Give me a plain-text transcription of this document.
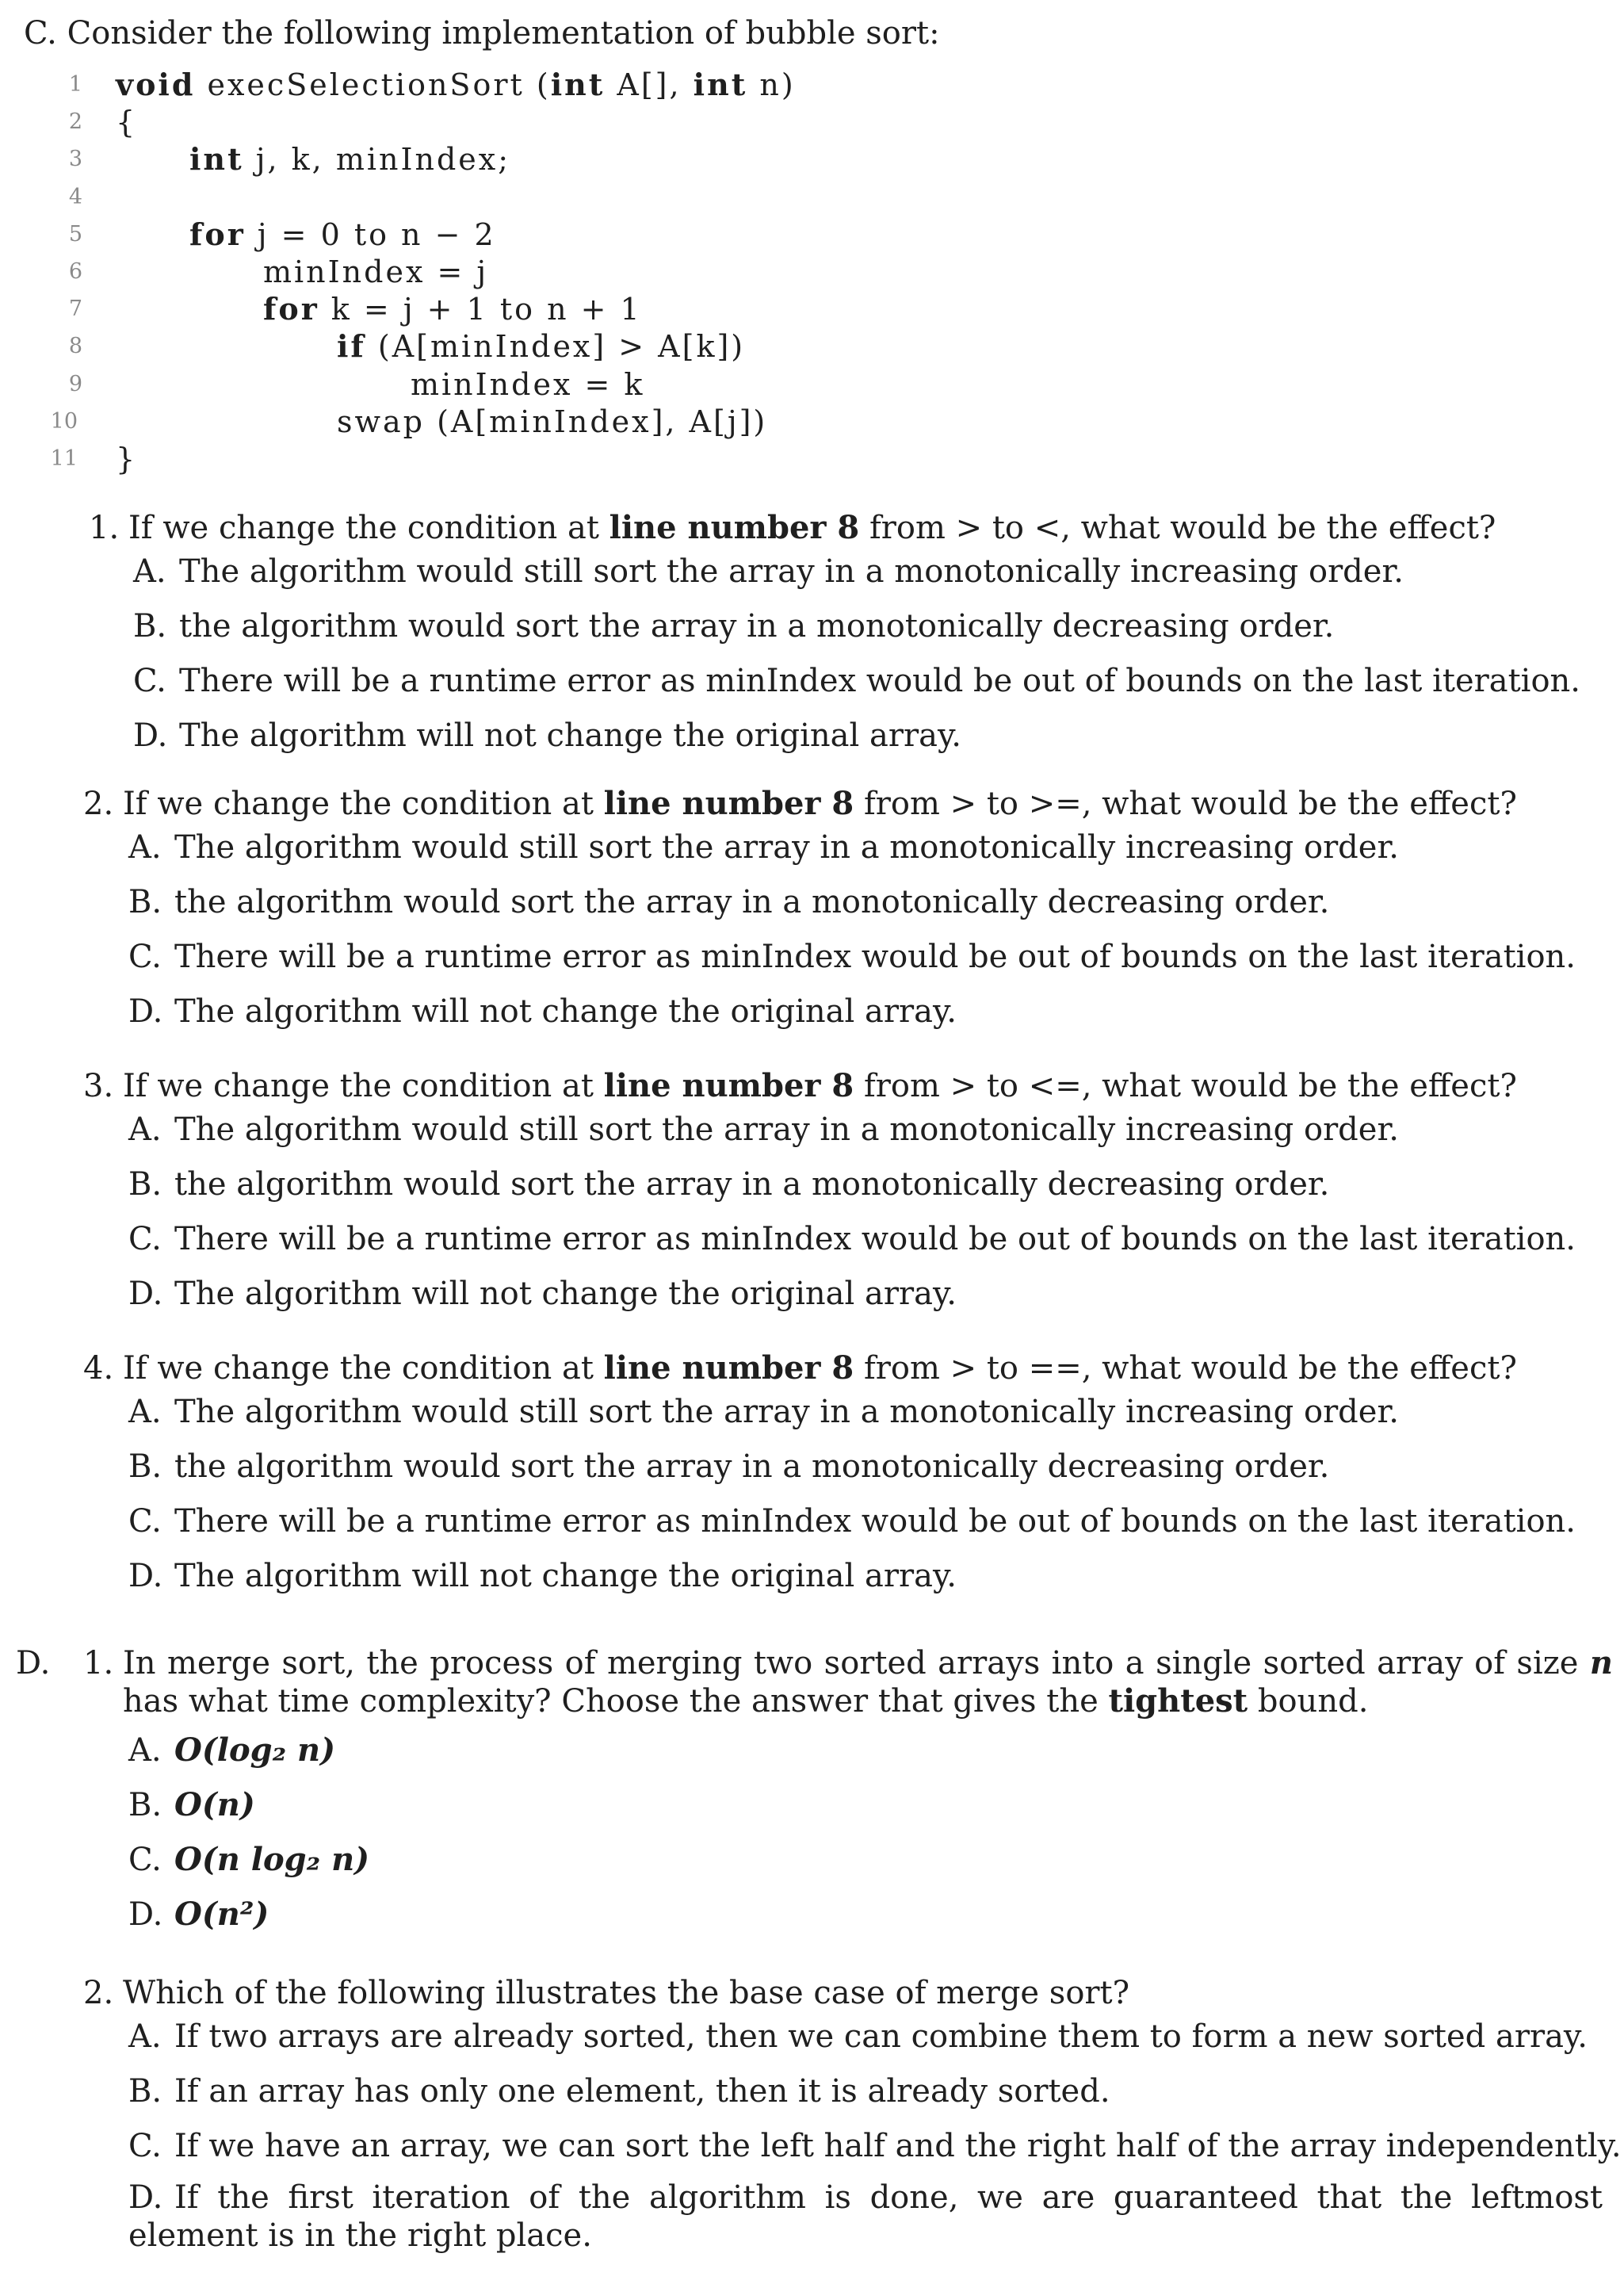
C. Consider the following implementation of bubble sort:
1 void execSelectionSort (int A[], int n)
2 {
3	int j, k, minIndex;
4
5	for j = 0 to n − 2
6	minIndex = j
7	for k = j + 1 to n + 1
8	if (A[minIndex] > A[k])
9	minIndex = k
10	swap (A[minIndex], A[j])
11 }
1. If we change the condition at line number 8 from > to <, what would be the effect?
A. The algorithm would still sort the array in a monotonically increasing order.
B. the algorithm would sort the array in a monotonically decreasing order.
C. There will be a runtime error as minIndex would be out of bounds on the last iteration.
D. The algorithm will not change the original array.
2. If we change the condition at line number 8 from > to >=, what would be the effect?
A. The algorithm would still sort the array in a monotonically increasing order.
B. the algorithm would sort the array in a monotonically decreasing order.
C. There will be a runtime error as minIndex would be out of bounds on the last iteration.
D. The algorithm will not change the original array.
3. If we change the condition at line number 8 from > to <=, what would be the effect?
A. The algorithm would still sort the array in a monotonically increasing order.
B. the algorithm would sort the array in a monotonically decreasing order.
C. There will be a runtime error as minIndex would be out of bounds on the last iteration.
D. The algorithm will not change the original array.
4. If we change the condition at line number 8 from > to ==, what would be the effect?
A. The algorithm would still sort the array in a monotonically increasing order.
B. the algorithm would sort the array in a monotonically decreasing order.
C. There will be a runtime error as minIndex would be out of bounds on the last iteration.
D. The algorithm will not change the original array.
D. 1. In merge sort, the process of merging two sorted arrays into a single sorted array of size n has what time complexity? Choose the answer that gives the tightest bound.
A. O(log₂ n)
B. O(n)
C. O(n log₂ n)
D. O(n²)
2. Which of the following illustrates the base case of merge sort?
A. If two arrays are already sorted, then we can combine them to form a new sorted array.
B. If an array has only one element, then it is already sorted.
C. If we have an array, we can sort the left half and the right half of the array independently.
D. If the first iteration of the algorithm is done, we are guaranteed that the leftmost element is in the right place.
